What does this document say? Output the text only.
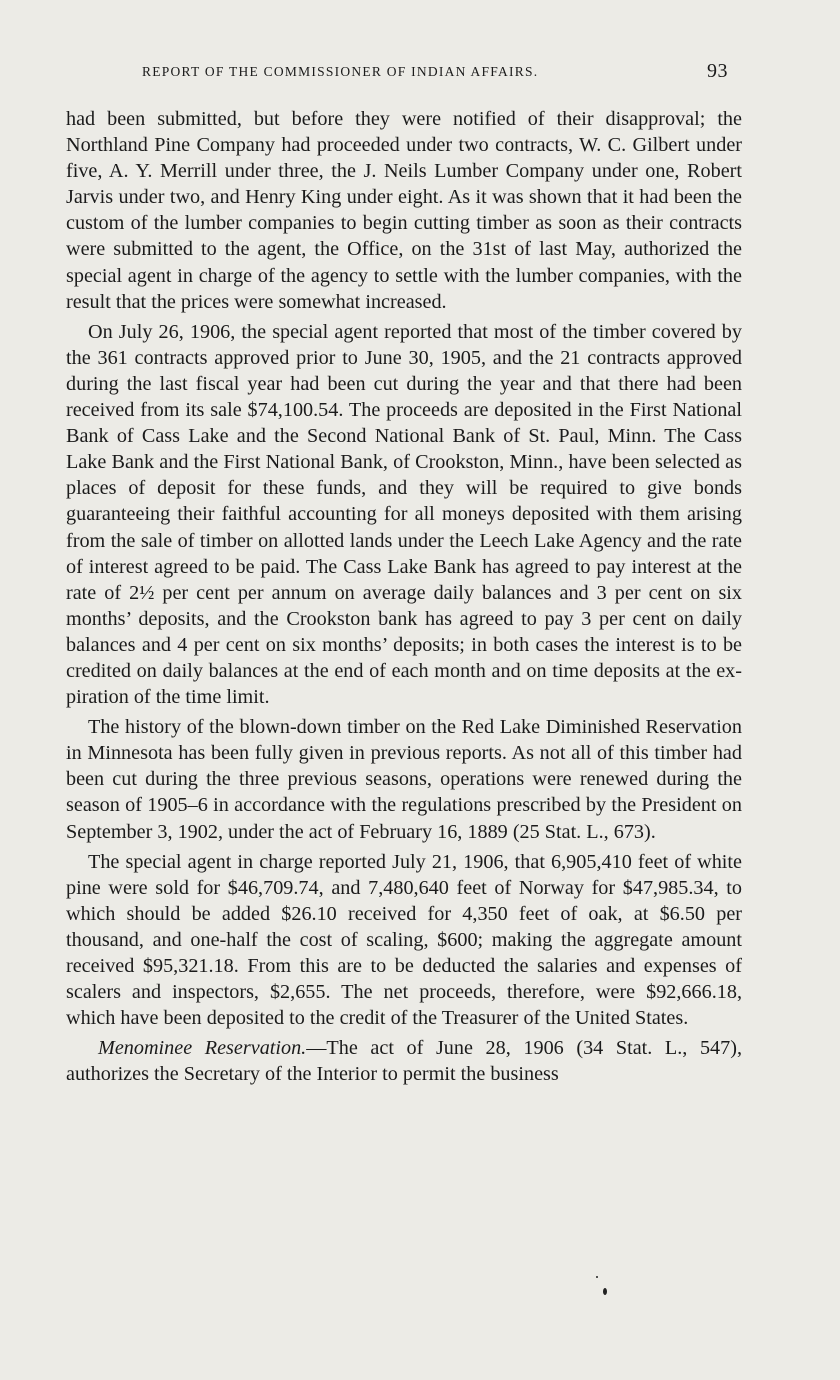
REPORT OF THE COMMISSIONER OF INDIAN AFFAIRS.	93

had been submitted, but before they were notified of their disapproval; the Northland Pine Company had proceeded under two contracts, W. C. Gilbert under five, A. Y. Merrill under three, the J. Neils Lumber Company under one, Robert Jarvis under two, and Henry King under eight. As it was shown that it had been the custom of the lumber companies to begin cutting timber as soon as their contracts were submitted to the agent, the Office, on the 31st of last May, authorized the special agent in charge of the agency to settle with the lumber companies, with the result that the prices were somewhat increased.

On July 26, 1906, the special agent reported that most of the timber covered by the 361 contracts approved prior to June 30, 1905, and the 21 contracts approved during the last fiscal year had been cut during the year and that there had been received from its sale $74,100.54. The proceeds are deposited in the First National Bank of Cass Lake and the Second National Bank of St. Paul, Minn. The Cass Lake Bank and the First National Bank, of Crookston, Minn., have been selected as places of deposit for these funds, and they will be required to give bonds guaranteeing their faithful accounting for all moneys deposited with them arising from the sale of timber on allotted lands under the Leech Lake Agency and the rate of interest agreed to be paid. The Cass Lake Bank has agreed to pay interest at the rate of 2½ per cent per annum on average daily balances and 3 per cent on six months’ deposits, and the Crookston bank has agreed to pay 3 per cent on daily balances and 4 per cent on six months’ deposits; in both cases the interest is to be credited on daily balances at the end of each month and on time deposits at the expiration of the time limit.

The history of the blown-down timber on the Red Lake Diminished Reservation in Minnesota has been fully given in previous reports. As not all of this timber had been cut during the three previous seasons, operations were renewed during the season of 1905–6 in accordance with the regulations prescribed by the President on September 3, 1902, under the act of February 16, 1889 (25 Stat. L., 673).

The special agent in charge reported July 21, 1906, that 6,905,410 feet of white pine were sold for $46,709.74, and 7,480,640 feet of Norway for $47,985.34, to which should be added $26.10 received for 4,350 feet of oak, at $6.50 per thousand, and one-half the cost of scaling, $600; making the aggregate amount received $95,321.18. From this are to be deducted the salaries and expenses of scalers and inspectors, $2,655. The net proceeds, therefore, were $92,666.18, which have been deposited to the credit of the Treasurer of the United States.

Menominee Reservation.—The act of June 28, 1906 (34 Stat. L., 547), authorizes the Secretary of the Interior to permit the business
